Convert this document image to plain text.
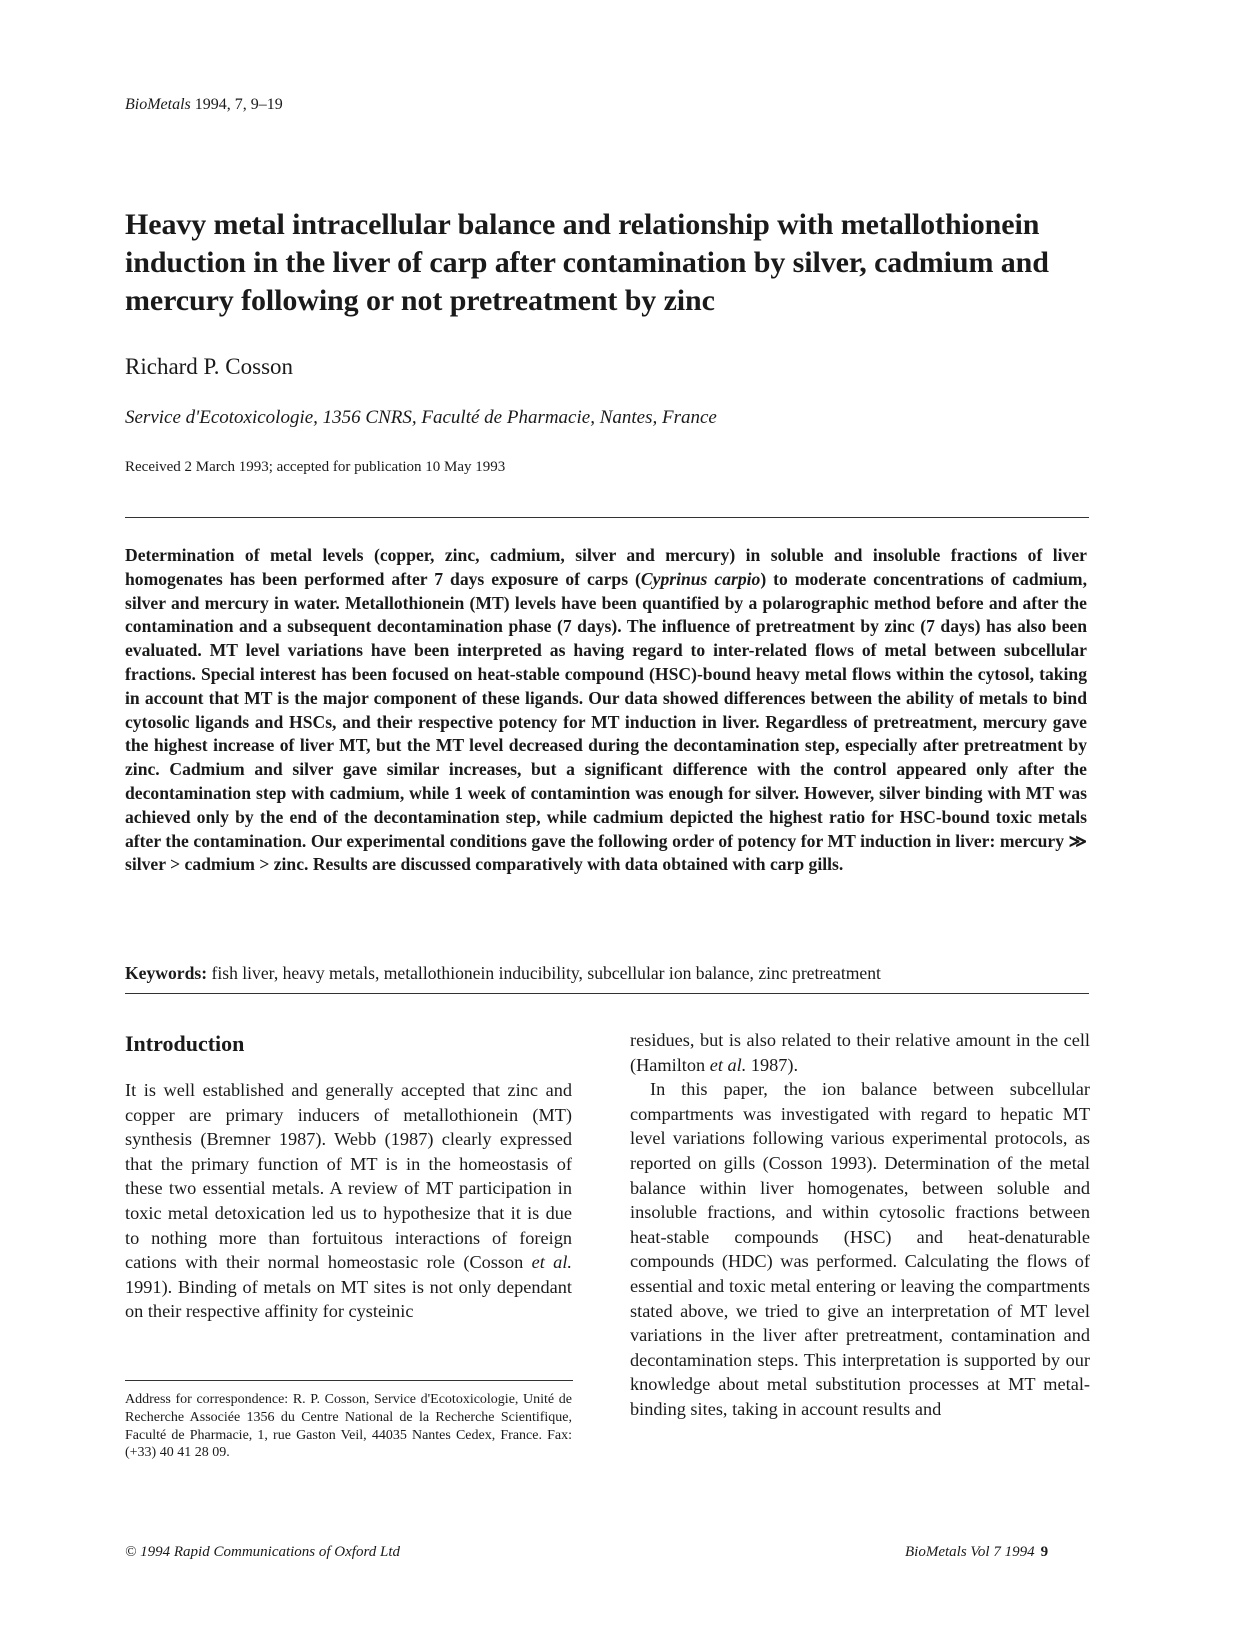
BioMetals 1994, 7, 9–19
Heavy metal intracellular balance and relationship with metallothionein induction in the liver of carp after contamination by silver, cadmium and mercury following or not pretreatment by zinc
Richard P. Cosson
Service d'Ecotoxicologie, 1356 CNRS, Faculté de Pharmacie, Nantes, France
Received 2 March 1993; accepted for publication 10 May 1993

Determination of metal levels (copper, zinc, cadmium, silver and mercury) in soluble and insoluble fractions of liver homogenates has been performed after 7 days exposure of carps (Cyprinus carpio) to moderate concentrations of cadmium, silver and mercury in water. Metallothionein (MT) levels have been quantified by a polarographic method before and after the contamination and a subsequent decontamination phase (7 days). The influence of pretreatment by zinc (7 days) has also been evaluated. MT level variations have been interpreted as having regard to inter-related flows of metal between subcellular fractions. Special interest has been focused on heat-stable compound (HSC)-bound heavy metal flows within the cytosol, taking in account that MT is the major component of these ligands. Our data showed differences between the ability of metals to bind cytosolic ligands and HSCs, and their respective potency for MT induction in liver. Regardless of pretreatment, mercury gave the highest increase of liver MT, but the MT level decreased during the decontamination step, especially after pretreatment by zinc. Cadmium and silver gave similar increases, but a significant difference with the control appeared only after the decontamination step with cadmium, while 1 week of contamintion was enough for silver. However, silver binding with MT was achieved only by the end of the decontamination step, while cadmium depicted the highest ratio for HSC-bound toxic metals after the contamination. Our experimental conditions gave the following order of potency for MT induction in liver: mercury ≫ silver > cadmium > zinc. Results are discussed comparatively with data obtained with carp gills.

Keywords: fish liver, heavy metals, metallothionein inducibility, subcellular ion balance, zinc pretreatment
Introduction

It is well established and generally accepted that zinc and copper are primary inducers of metallothionein (MT) synthesis (Bremner 1987). Webb (1987) clearly expressed that the primary function of MT is in the homeostasis of these two essential metals. A review of MT participation in toxic metal detoxication led us to hypothesize that it is due to nothing more than fortuitous interactions of foreign cations with their normal homeostasic role (Cosson et al. 1991). Binding of metals on MT sites is not only dependant on their respective affinity for cysteinic

Address for correspondence: R. P. Cosson, Service d'Ecotoxicologie, Unité de Recherche Associée 1356 du Centre National de la Recherche Scientifique, Faculté de Pharmacie, 1, rue Gaston Veil, 44035 Nantes Cedex, France. Fax: (+33) 40 41 28 09.

residues, but is also related to their relative amount in the cell (Hamilton et al. 1987).

In this paper, the ion balance between subcellular compartments was investigated with regard to hepatic MT level variations following various experimental protocols, as reported on gills (Cosson 1993). Determination of the metal balance within liver homogenates, between soluble and insoluble fractions, and within cytosolic fractions between heat-stable compounds (HSC) and heat-denaturable compounds (HDC) was performed. Calculating the flows of essential and toxic metal entering or leaving the compartments stated above, we tried to give an interpretation of MT level variations in the liver after pretreatment, contamination and decontamination steps. This interpretation is supported by our knowledge about metal substitution processes at MT metal-binding sites, taking in account results and

© 1994 Rapid Communications of Oxford Ltd	BioMetals Vol 7 1994 9
